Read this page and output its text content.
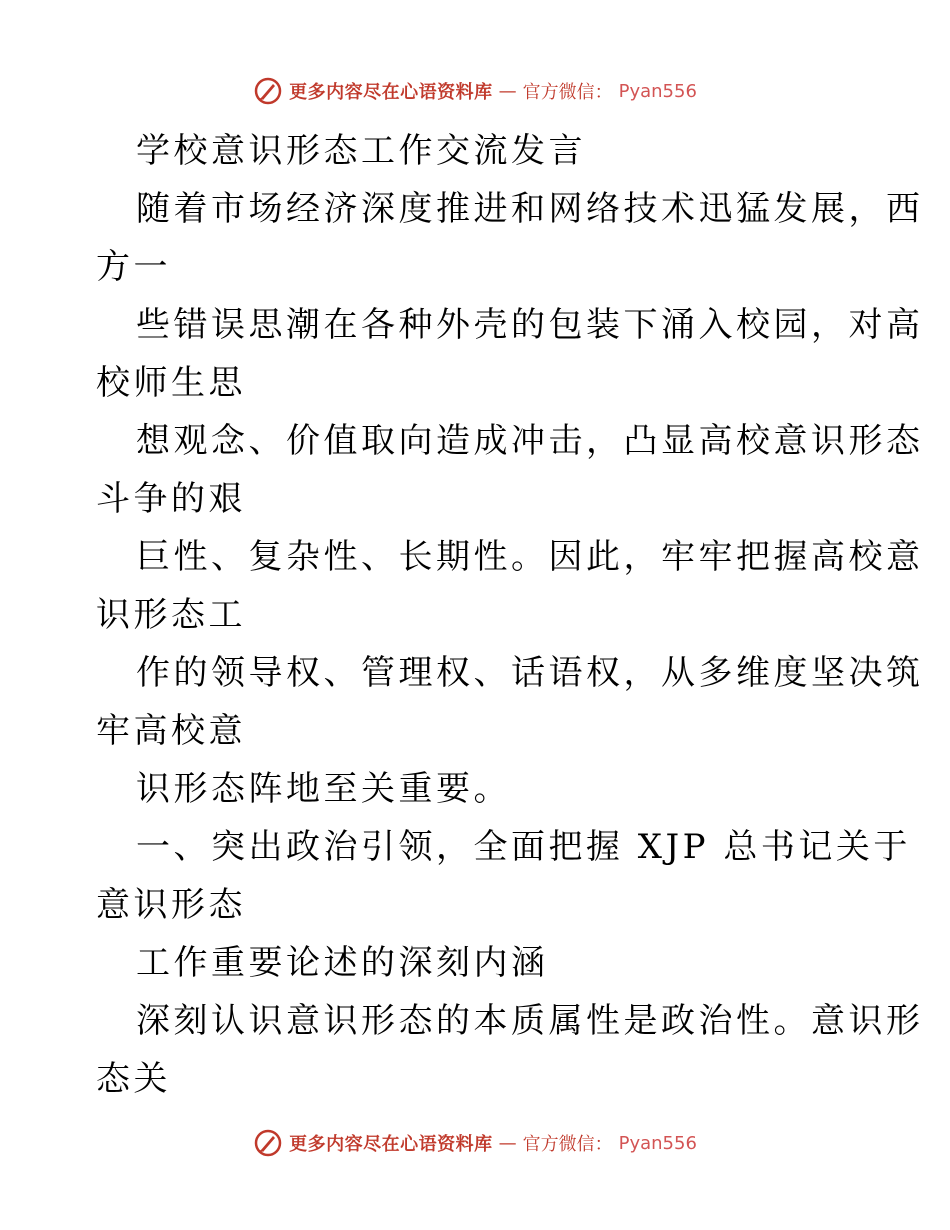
更多内容尽在心语资料库 — 官方微信： Pyan556

学校意识形态工作交流发言

随着市场经济深度推进和网络技术迅猛发展，西
方一

些错误思潮在各种外壳的包装下涌入校园，对高
校师生思

想观念、价值取向造成冲击，凸显高校意识形态
斗争的艰

巨性、复杂性、长期性。因此，牢牢把握高校意
识形态工

作的领导权、管理权、话语权，从多维度坚决筑
牢高校意

识形态阵地至关重要。

一、突出政治引领，全面把握 XJP 总书记关于
意识形态

工作重要论述的深刻内涵

深刻认识意识形态的本质属性是政治性。意识形
态关

更多内容尽在心语资料库 — 官方微信： Pyan556
